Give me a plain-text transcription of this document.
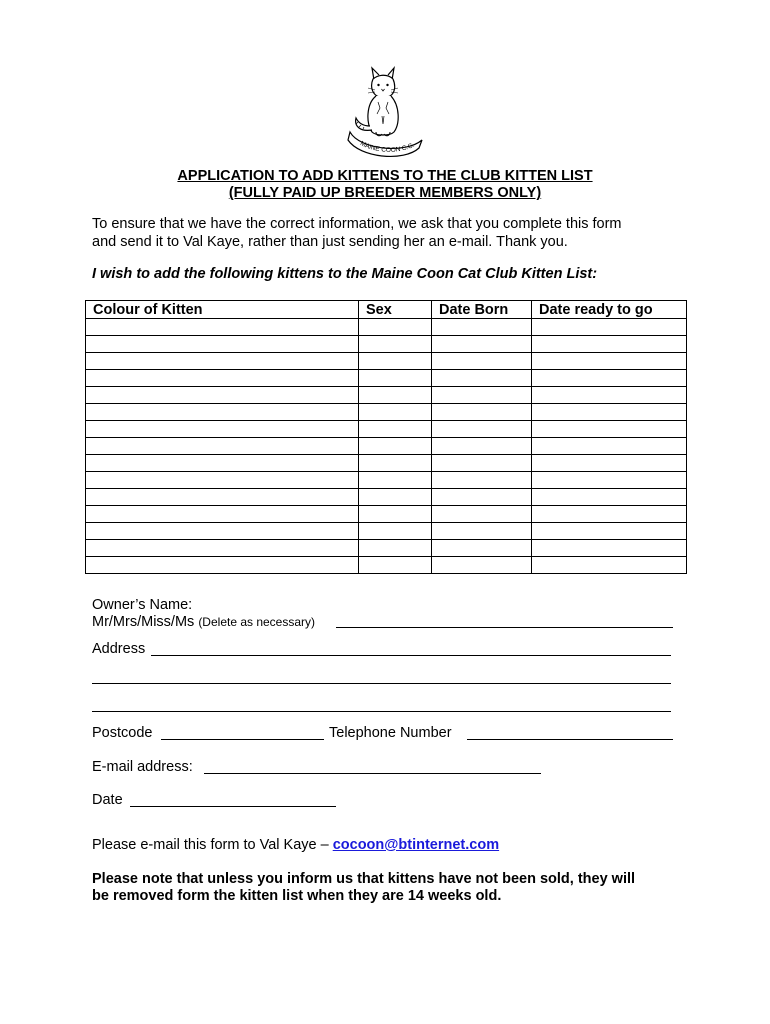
MAINE COON C.C.
APPLICATION TO ADD KITTENS TO THE CLUB KITTEN LIST
(FULLY PAID UP BREEDER MEMBERS ONLY)
To ensure that we have the correct information, we ask that you complete this form
and send it to Val Kaye, rather than just sending her an e-mail. Thank you.
I wish to add the following kittens to the Maine Coon Cat Club Kitten List:
Colour of Kitten	Sex	Date Born	Date ready to go

Owner’s Name:
Mr/Mrs/Miss/Ms (Delete as necessary)
Address
Postcode	Telephone Number
E-mail address:
Date
Please e-mail this form to Val Kaye – cocoon@btinternet.com
Please note that unless you inform us that kittens have not been sold, they will
be removed form the kitten list when they are 14 weeks old.
